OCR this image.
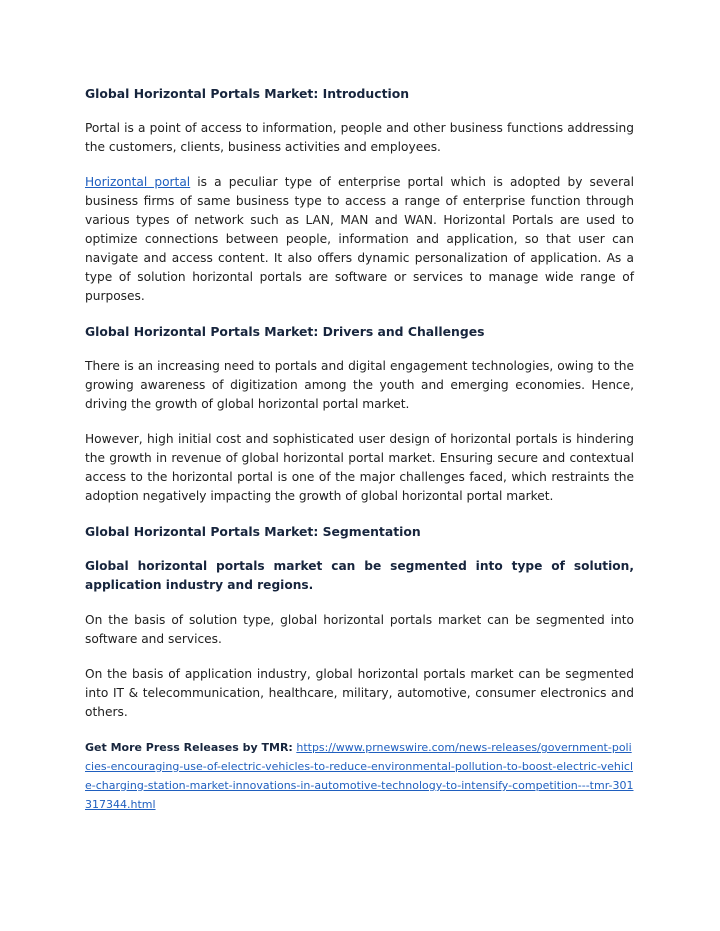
Global Horizontal Portals Market: Introduction
Portal is a point of access to information, people and other business functions addressing the customers, clients, business activities and employees.
Horizontal portal is a peculiar type of enterprise portal which is adopted by several business firms of same business type to access a range of enterprise function through various types of network such as LAN, MAN and WAN. Horizontal Portals are used to optimize connections between people, information and application, so that user can navigate and access content. It also offers dynamic personalization of application. As a type of solution horizontal portals are software or services to manage wide range of purposes.
Global Horizontal Portals Market: Drivers and Challenges
There is an increasing need to portals and digital engagement technologies, owing to the growing awareness of digitization among the youth and emerging economies. Hence, driving the growth of global horizontal portal market.
However, high initial cost and sophisticated user design of horizontal portals is hindering the growth in revenue of global horizontal portal market. Ensuring secure and contextual access to the horizontal portal is one of the major challenges faced, which restraints the adoption negatively impacting the growth of global horizontal portal market.
Global Horizontal Portals Market: Segmentation
Global horizontal portals market can be segmented into type of solution, application industry and regions.
On the basis of solution type, global horizontal portals market can be segmented into software and services.
On the basis of application industry, global horizontal portals market can be segmented into IT & telecommunication, healthcare, military, automotive, consumer electronics and others.
Get More Press Releases by TMR: https://www.prnewswire.com/news-releases/government-policies-encouraging-use-of-electric-vehicles-to-reduce-environmental-pollution-to-boost-electric-vehicle-charging-station-market-innovations-in-automotive-technology-to-intensify-competition---tmr-301317344.html
